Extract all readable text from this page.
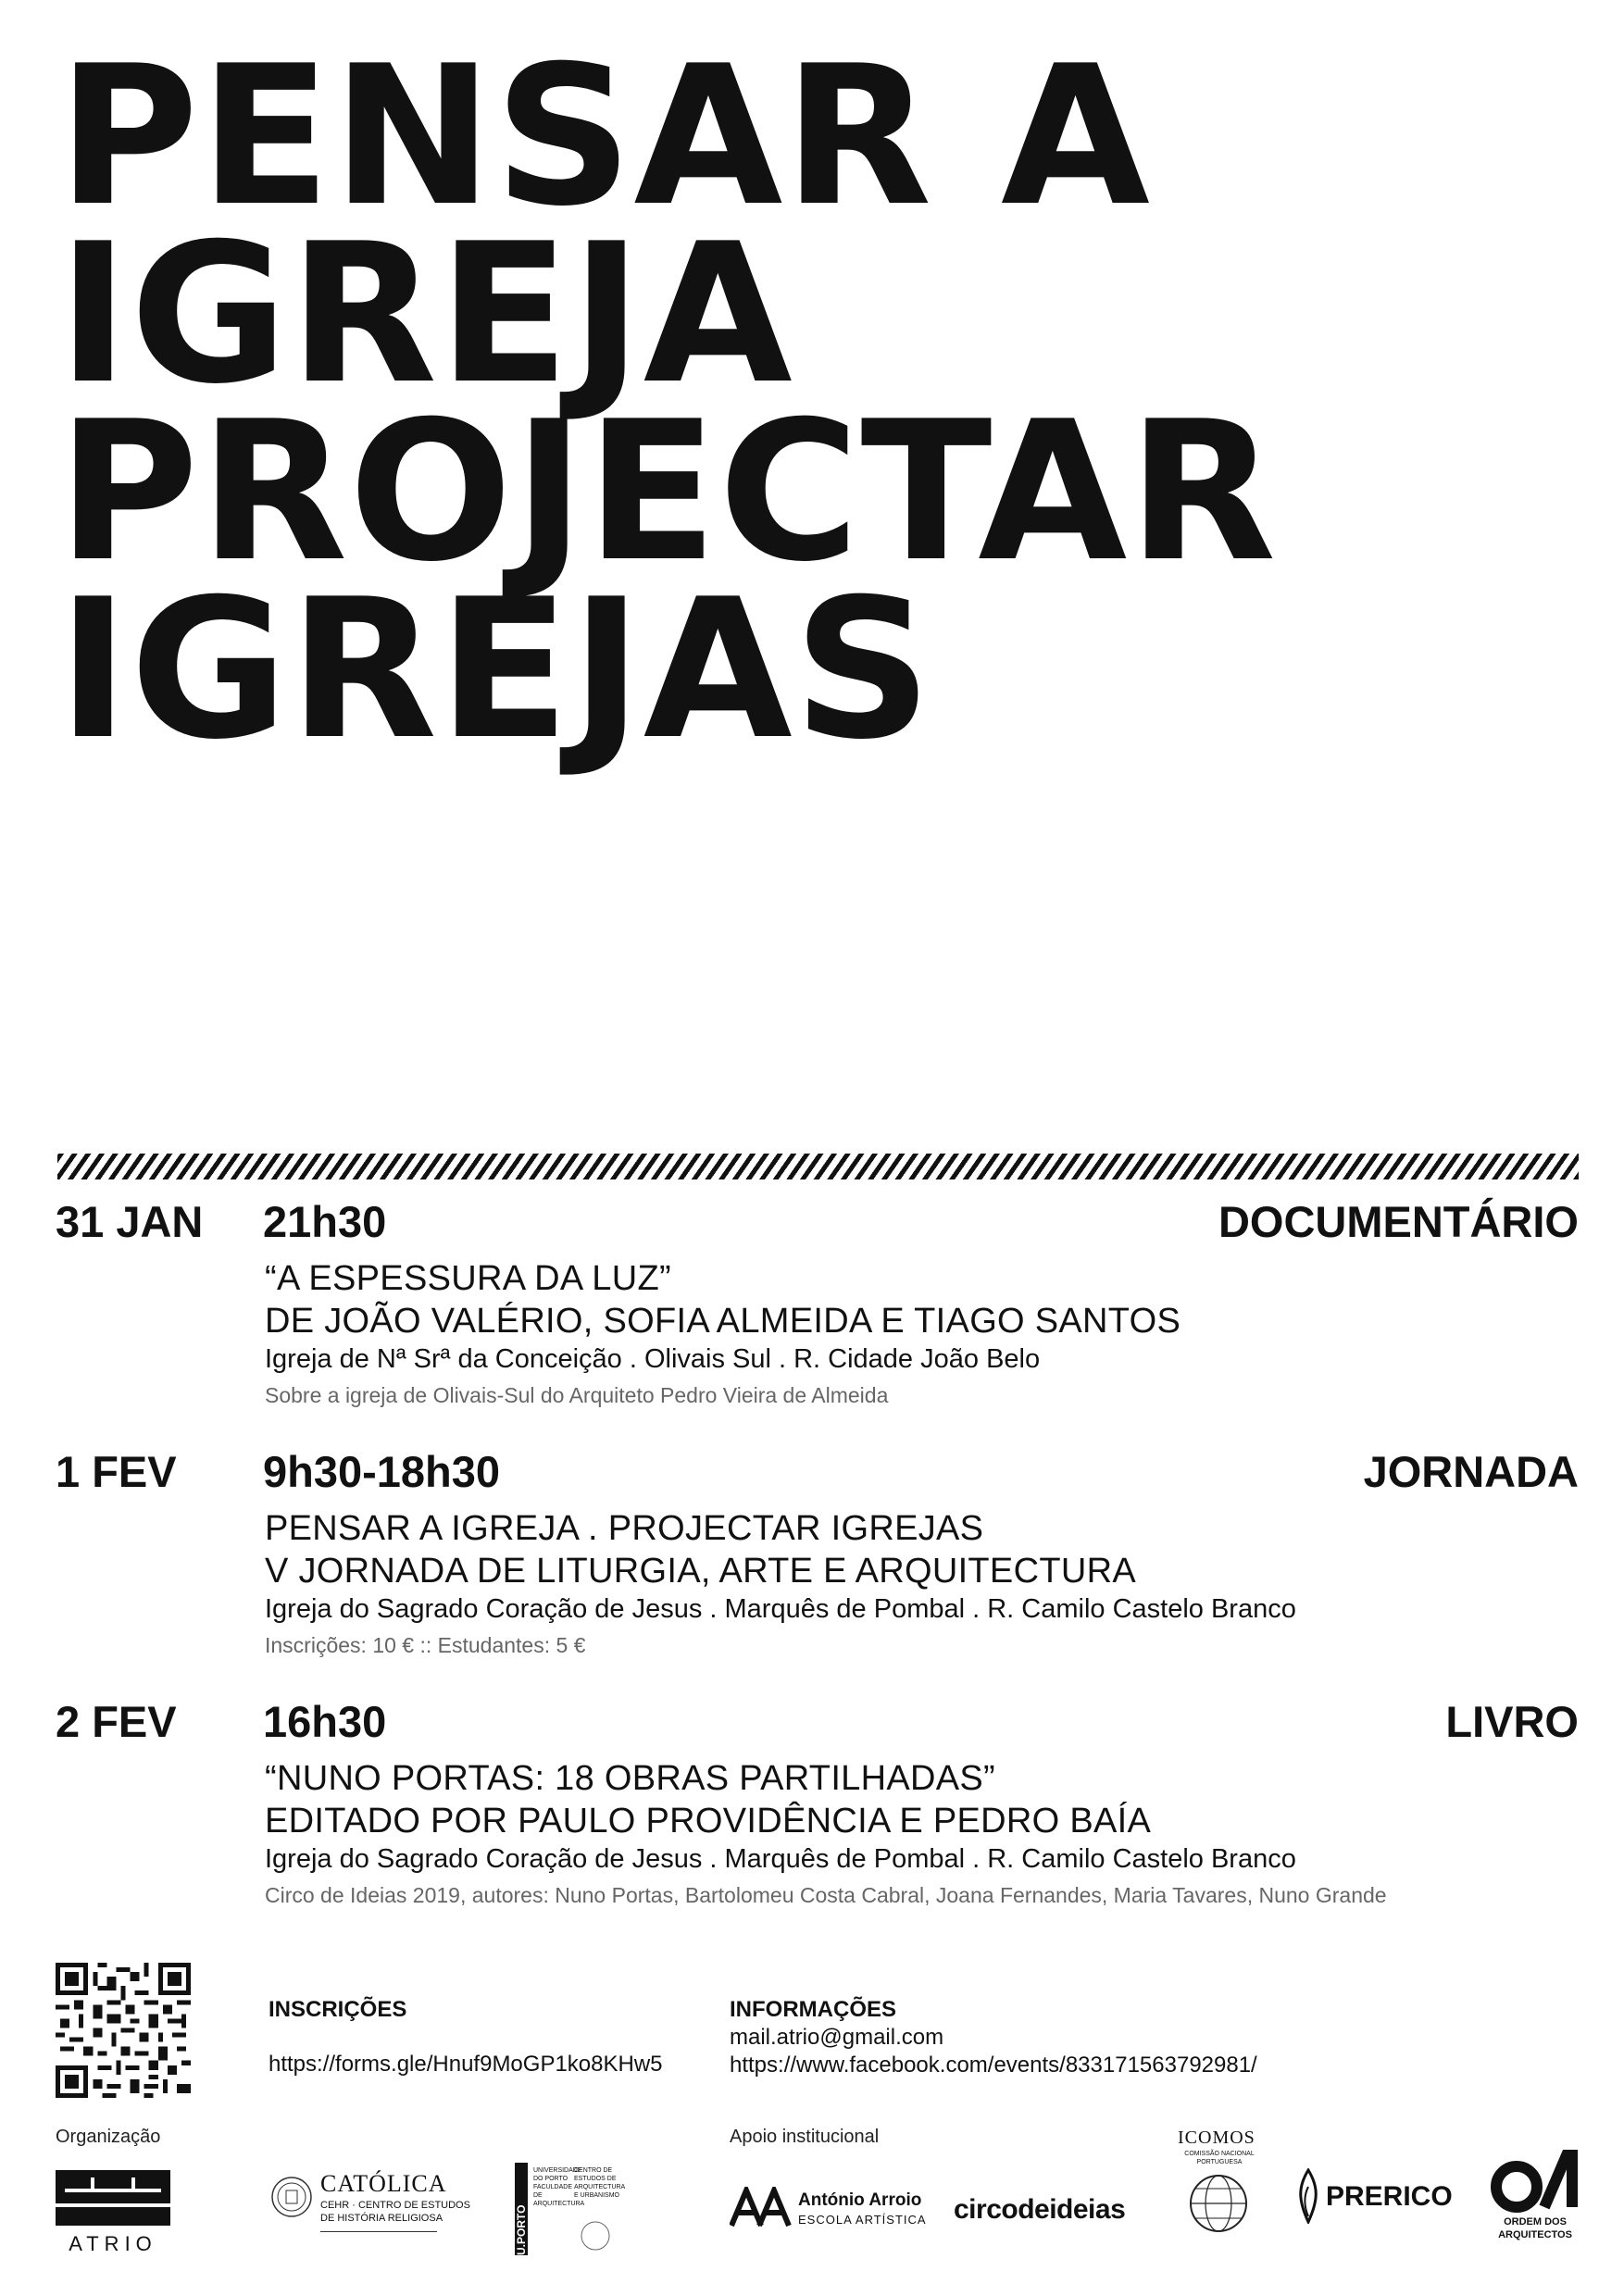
PENSAR A
IGREJA
PROJECTAR
IGREJAS
31 JAN 21h30	DOCUMENTÁRIO
“A ESPESSURA DA LUZ”
DE JOÃO VALÉRIO, SOFIA ALMEIDA E TIAGO SANTOS
Igreja de Nª Srª da Conceição . Olivais Sul . R. Cidade João Belo
Sobre a igreja de Olivais-Sul do Arquiteto Pedro Vieira de Almeida
1 FEV 9h30-18h30	JORNADA
PENSAR A IGREJA . PROJECTAR IGREJAS
V JORNADA DE LITURGIA, ARTE E ARQUITECTURA
Igreja do Sagrado Coração de Jesus . Marquês de Pombal . R. Camilo Castelo Branco
Inscrições: 10 € :: Estudantes: 5 €
2 FEV 16h30	LIVRO
“NUNO PORTAS: 18 OBRAS PARTILHADAS”
EDITADO POR PAULO PROVIDÊNCIA E PEDRO BAÍA
Igreja do Sagrado Coração de Jesus . Marquês de Pombal . R. Camilo Castelo Branco
Circo de Ideias 2019, autores: Nuno Portas, Bartolomeu Costa Cabral, Joana Fernandes, Maria Tavares, Nuno Grande
INSCRIÇÕES
https://forms.gle/Hnuf9MoGP1ko8KHw5
INFORMAÇÕES
mail.atrio@gmail.com
https://www.facebook.com/events/833171563792981/
Organização
ATRIO
CATÓLICA
CEHR · CENTRO DE ESTUDOS
DE HISTÓRIA RELIGIOSA	U.PORTO
UNIVERSIDADE DO PORTO FACULDADE DE ARQUITECTURA
CENTRO DE ESTUDOS DE ARQUITECTURA E URBANISMO
Apoio institucional
António Arroio
ESCOLA ARTÍSTICA circodeideias
ICOMOS
COMISSÃO NACIONAL PORTUGUESA
PRERICO
ORDEM DOS
ARQUITECTOS
